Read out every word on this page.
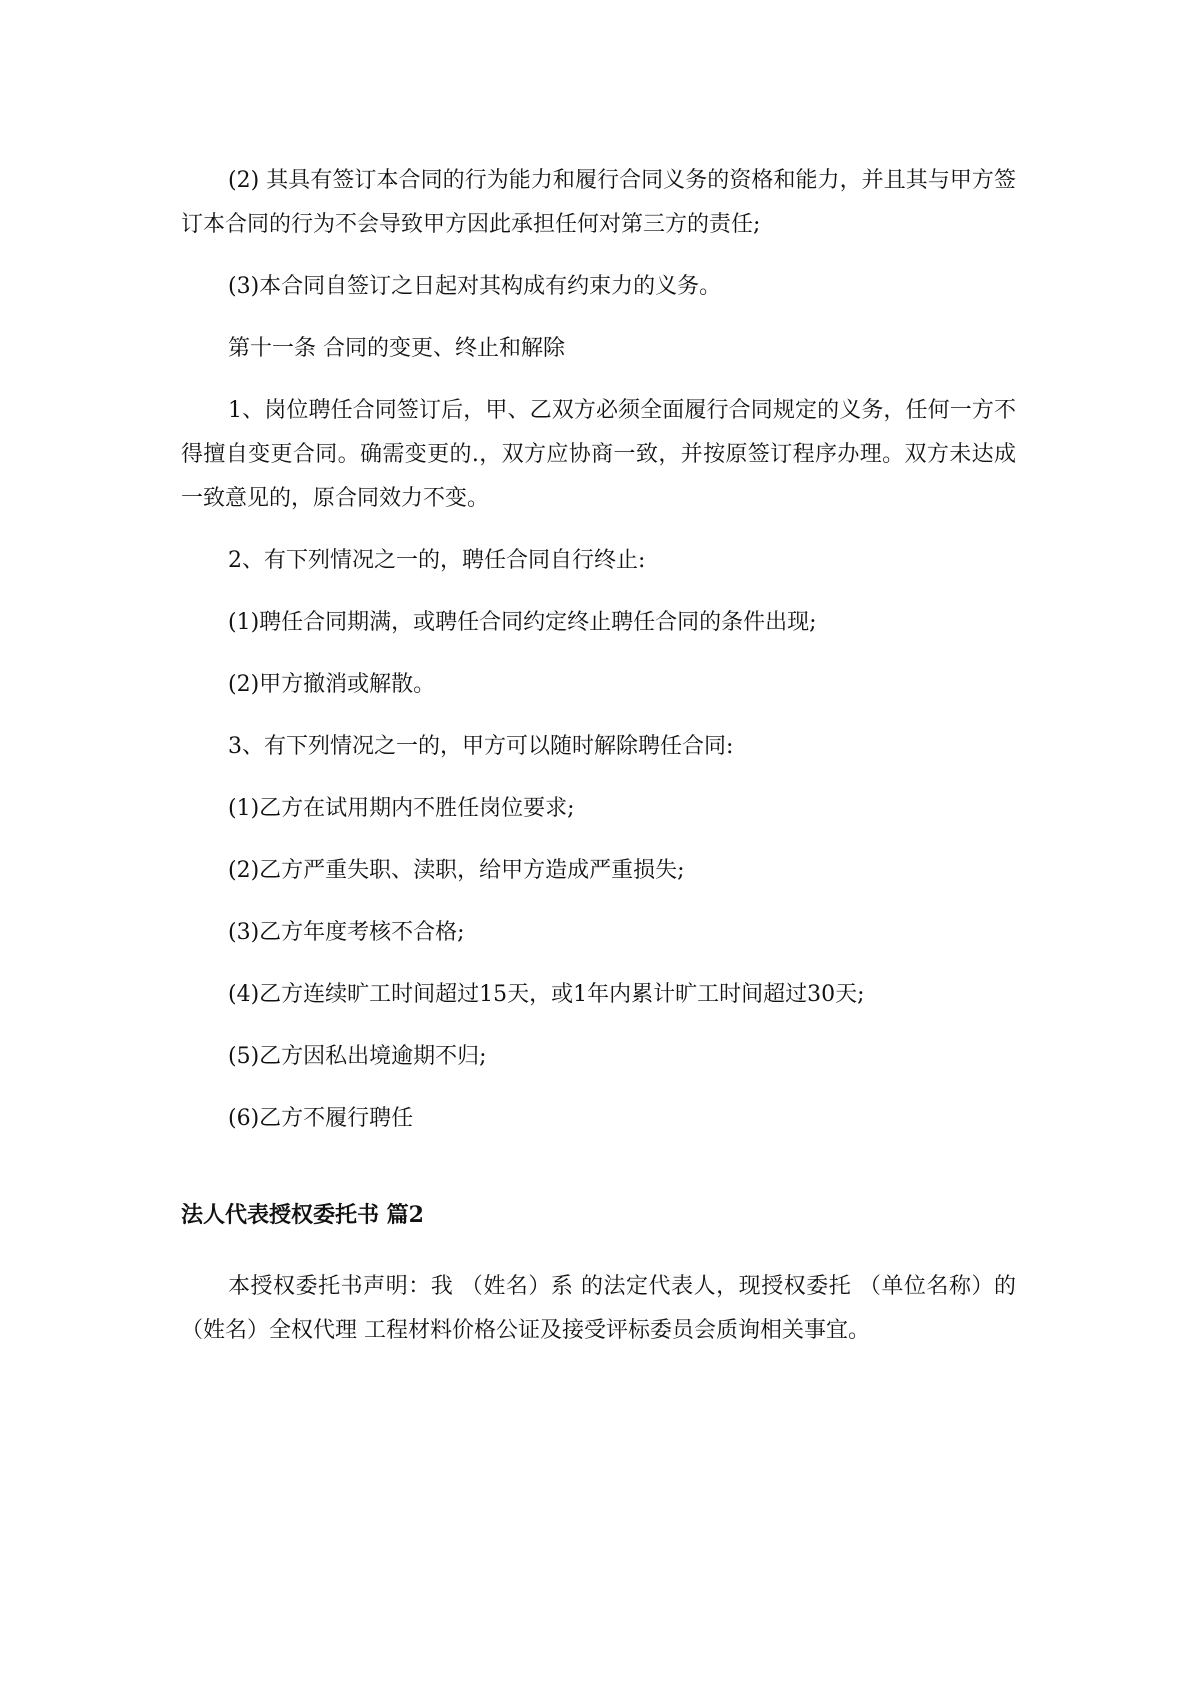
(2) 其具有签订本合同的行为能力和履行合同义务的资格和能力，并且其与甲方签订本合同的行为不会导致甲方因此承担任何对第三方的责任;

(3)本合同自签订之日起对其构成有约束力的义务。

第十一条 合同的变更、终止和解除

1、岗位聘任合同签订后，甲、乙双方必须全面履行合同规定的义务，任何一方不得擅自变更合同。确需变更的.，双方应协商一致，并按原签订程序办理。双方未达成一致意见的，原合同效力不变。

2、有下列情况之一的，聘任合同自行终止:

(1)聘任合同期满，或聘任合同约定终止聘任合同的条件出现;

(2)甲方撤消或解散。

3、有下列情况之一的，甲方可以随时解除聘任合同:

(1)乙方在试用期内不胜任岗位要求;

(2)乙方严重失职、渎职，给甲方造成严重损失;

(3)乙方年度考核不合格;

(4)乙方连续旷工时间超过15天，或1年内累计旷工时间超过30天;

(5)乙方因私出境逾期不归;

(6)乙方不履行聘任

法人代表授权委托书 篇2

本授权委托书声明：我 （姓名）系 的法定代表人，现授权委托 （单位名称）的 （姓名）全权代理 工程材料价格公证及接受评标委员会质询相关事宜。
